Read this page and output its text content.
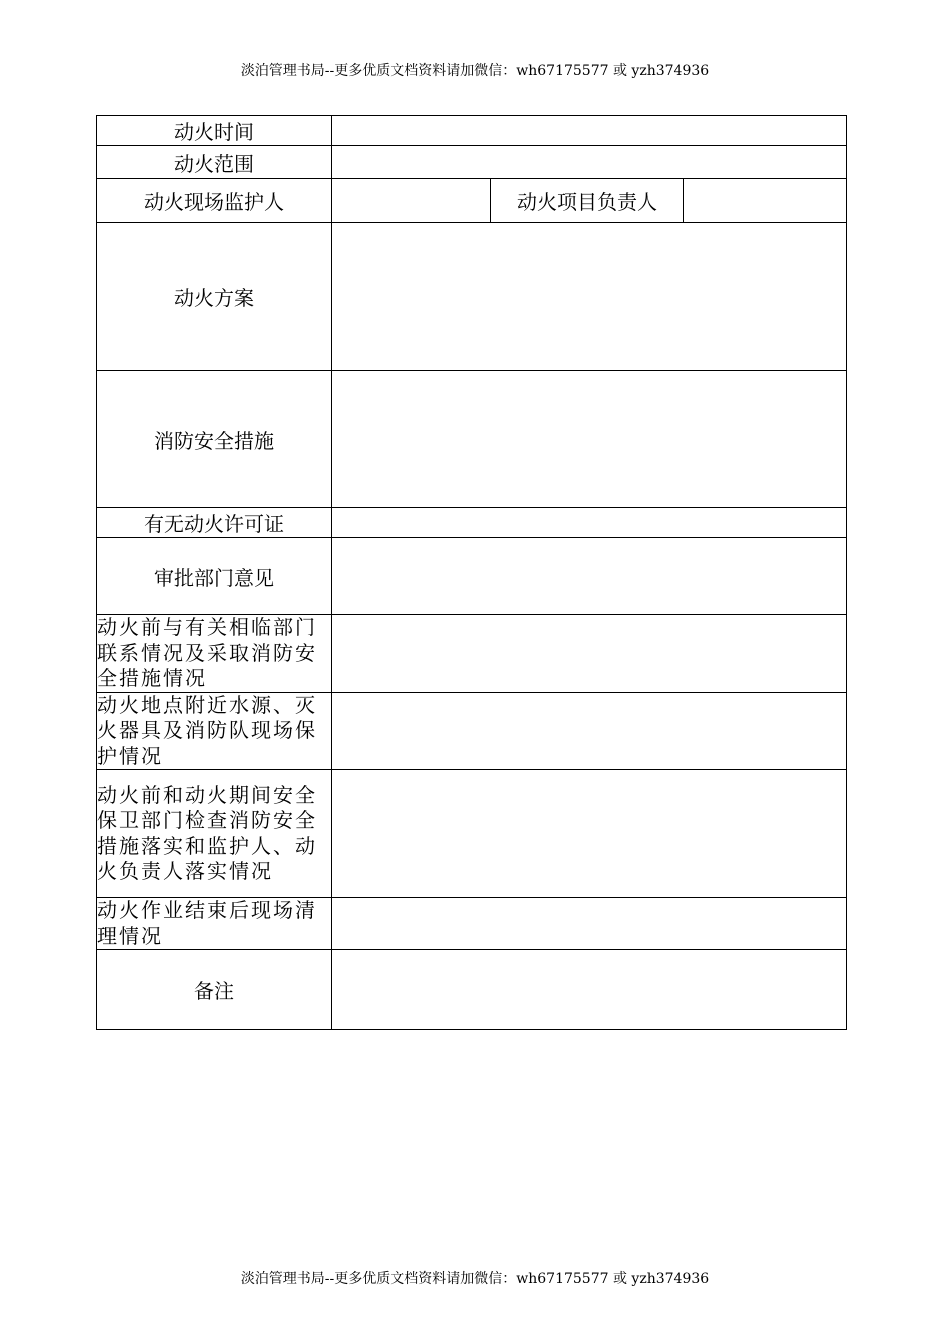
淡泊管理书局--更多优质文档资料请加微信：wh67175577 或 yzh374936
动火时间			
动火范围			
动火现场监护人		动火项目负责人	
动火方案			
消防安全措施			
有无动火许可证			
审批部门意见			
动火前与有关相临部门联系情况及采取消防安全措施情况			
动火地点附近水源、灭火器具及消防队现场保护情况			
动火前和动火期间安全保卫部门检查消防安全措施落实和监护人、动火负责人落实情况			
动火作业结束后现场清理情况			
备注			
淡泊管理书局--更多优质文档资料请加微信：wh67175577 或 yzh374936
